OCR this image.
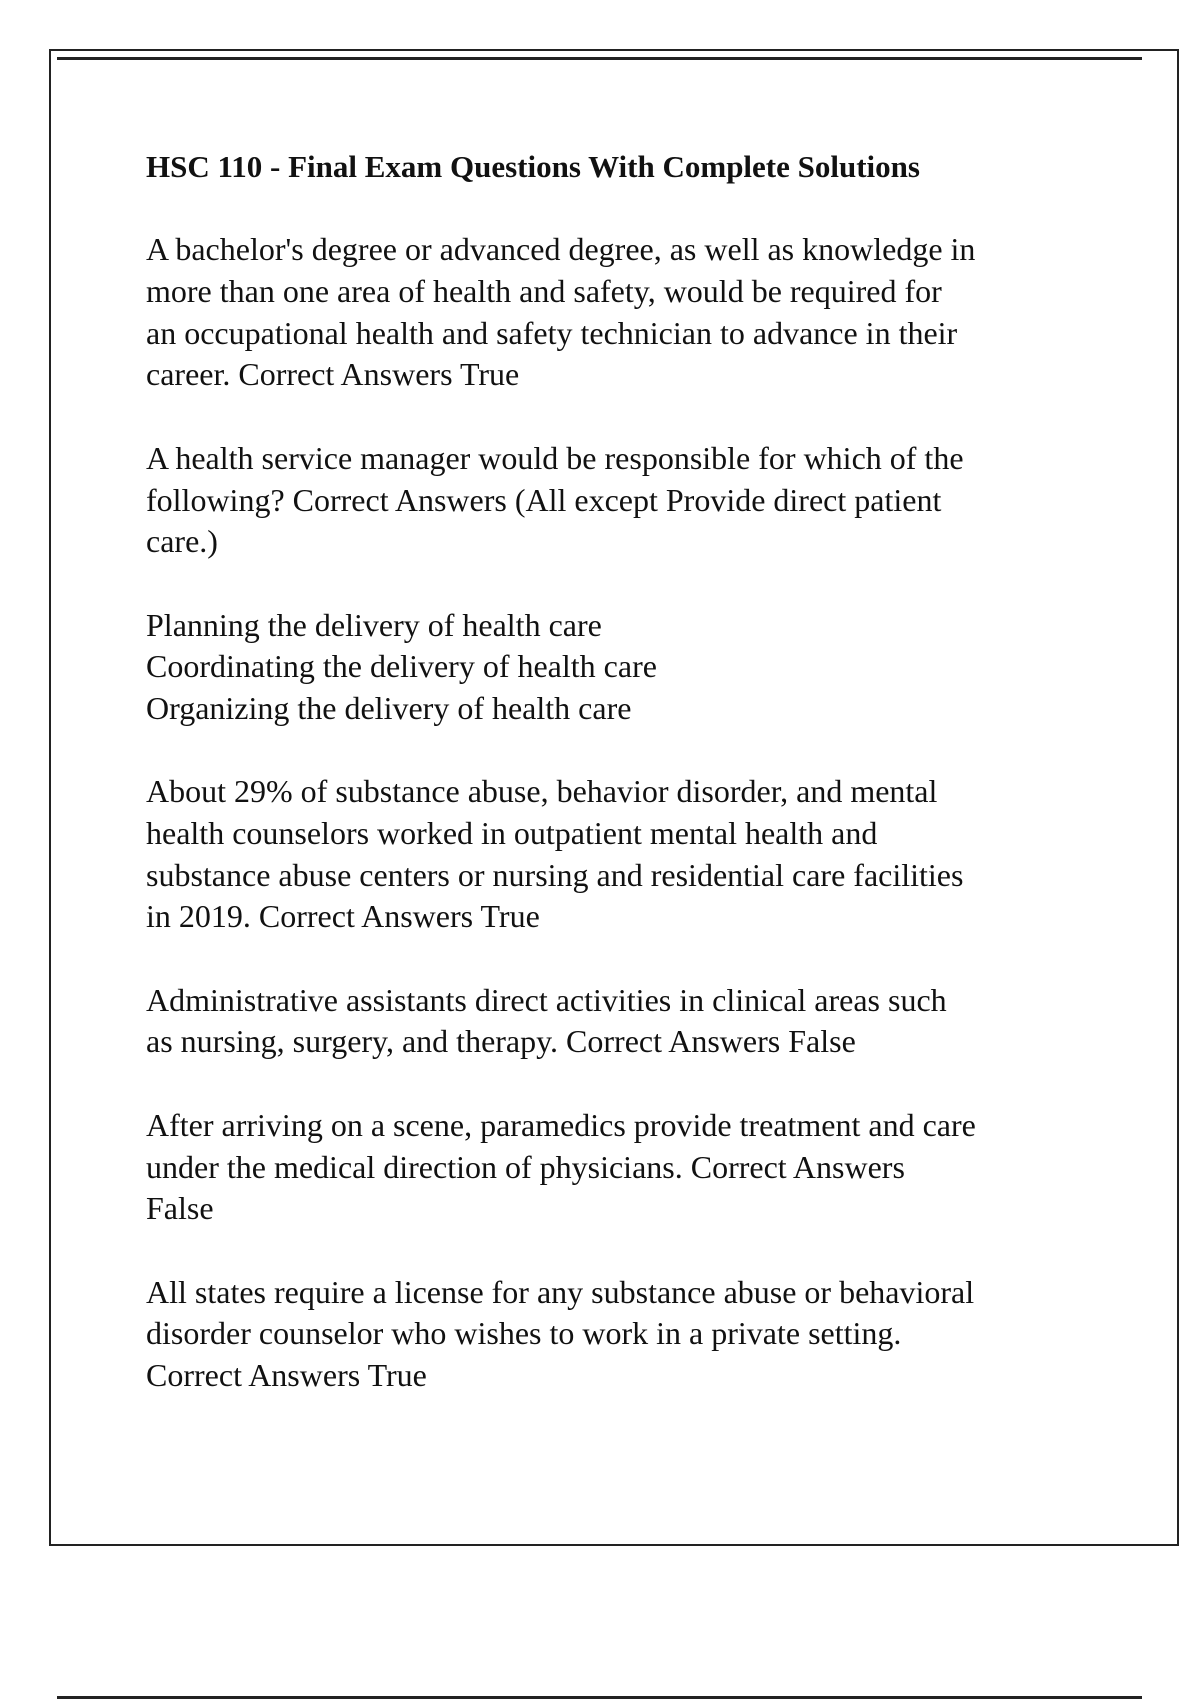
HSC 110 - Final Exam Questions With Complete Solutions
A bachelor's degree or advanced degree, as well as knowledge in
more than one area of health and safety, would be required for
an occupational health and safety technician to advance in their
career. Correct Answers True
A health service manager would be responsible for which of the
following? Correct Answers (All except Provide direct patient
care.)
Planning the delivery of health care
Coordinating the delivery of health care
Organizing the delivery of health care
About 29% of substance abuse, behavior disorder, and mental
health counselors worked in outpatient mental health and
substance abuse centers or nursing and residential care facilities
in 2019. Correct Answers True
Administrative assistants direct activities in clinical areas such
as nursing, surgery, and therapy. Correct Answers False
After arriving on a scene, paramedics provide treatment and care
under the medical direction of physicians. Correct Answers
False
All states require a license for any substance abuse or behavioral
disorder counselor who wishes to work in a private setting.
Correct Answers True
